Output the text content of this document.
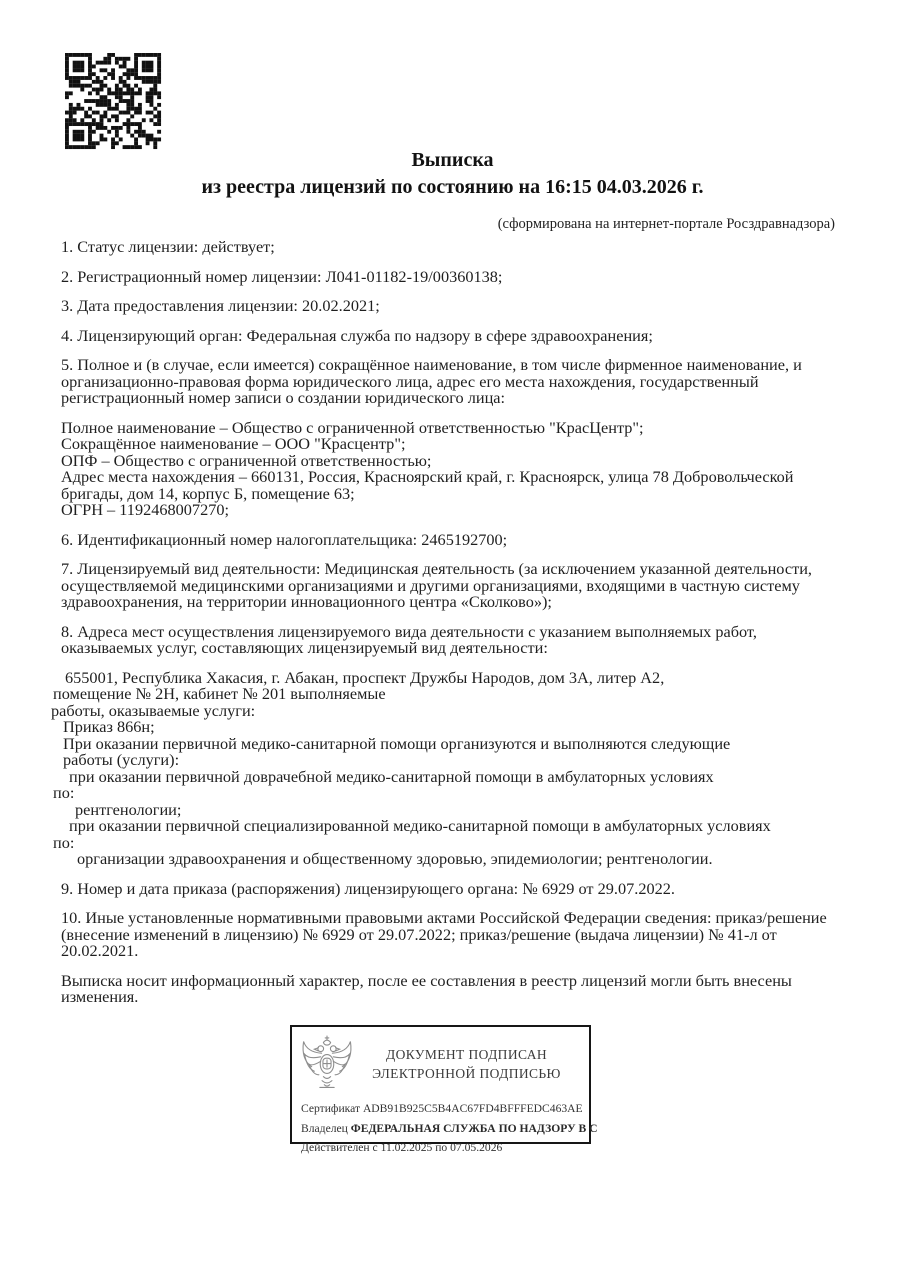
Выписка
из реестра лицензий по состоянию на 16:15 04.03.2026 г.
(сформирована на интернет-портале Росздравнадзора)

1. Статус лицензии: действует;

2. Регистрационный номер лицензии: Л041-01182-19/00360138;

3. Дата предоставления лицензии: 20.02.2021;

4. Лицензирующий орган: Федеральная служба по надзору в сфере здравоохранения;

5. Полное и (в случае, если имеется) сокращённое наименование, в том числе фирменное наименование, и организационно-правовая форма юридического лица, адрес его места нахождения, государственный регистрационный номер записи о создании юридического лица:

Полное наименование – Общество с ограниченной ответственностью "КрасЦентр";
Сокращённое наименование – ООО "Красцентр";
ОПФ – Общество с ограниченной ответственностью;
Адрес места нахождения – 660131, Россия, Красноярский край, г. Красноярск, улица 78 Добровольческой бригады, дом 14, корпус Б, помещение 63;
ОГРН – 1192468007270;

6. Идентификационный номер налогоплательщика: 2465192700;

7. Лицензируемый вид деятельности: Медицинская деятельность (за исключением указанной деятельности, осуществляемой медицинскими организациями и другими организациями, входящими в частную систему здравоохранения, на территории инновационного центра «Сколково»);

8. Адреса мест осуществления лицензируемого вида деятельности с указанием выполняемых работ, оказываемых услуг, составляющих лицензируемый вид деятельности:

655001, Республика Хакасия, г. Абакан, проспект Дружбы Народов, дом 3А, литер А2,
помещение № 2Н, кабинет № 201 выполняемые
работы, оказываемые услуги:
Приказ 866н;
При оказании первичной медико-санитарной помощи организуются и выполняются следующие
работы (услуги):
при оказании первичной доврачебной медико-санитарной помощи в амбулаторных условиях
по:
рентгенологии;
при оказании первичной специализированной медико-санитарной помощи в амбулаторных условиях
по:
организации здравоохранения и общественному здоровью, эпидемиологии; рентгенологии.

9. Номер и дата приказа (распоряжения) лицензирующего органа: № 6929 от 29.07.2022.

10. Иные установленные нормативными правовыми актами Российской Федерации сведения: приказ/решение (внесение изменений в лицензию) № 6929 от 29.07.2022; приказ/решение (выдача лицензии) № 41-л от 20.02.2021.

Выписка носит информационный характер, после ее составления в реестр лицензий могли быть внесены изменения.

ДОКУМЕНТ ПОДПИСАН
ЭЛЕКТРОННОЙ ПОДПИСЬЮ
Сертификат ADB91B925C5B4AC67FD4BFFFEDC463AE
Владелец ФЕДЕРАЛЬНАЯ СЛУЖБА ПО НАДЗОРУ В С
Действителен с 11.02.2025 по 07.05.2026
